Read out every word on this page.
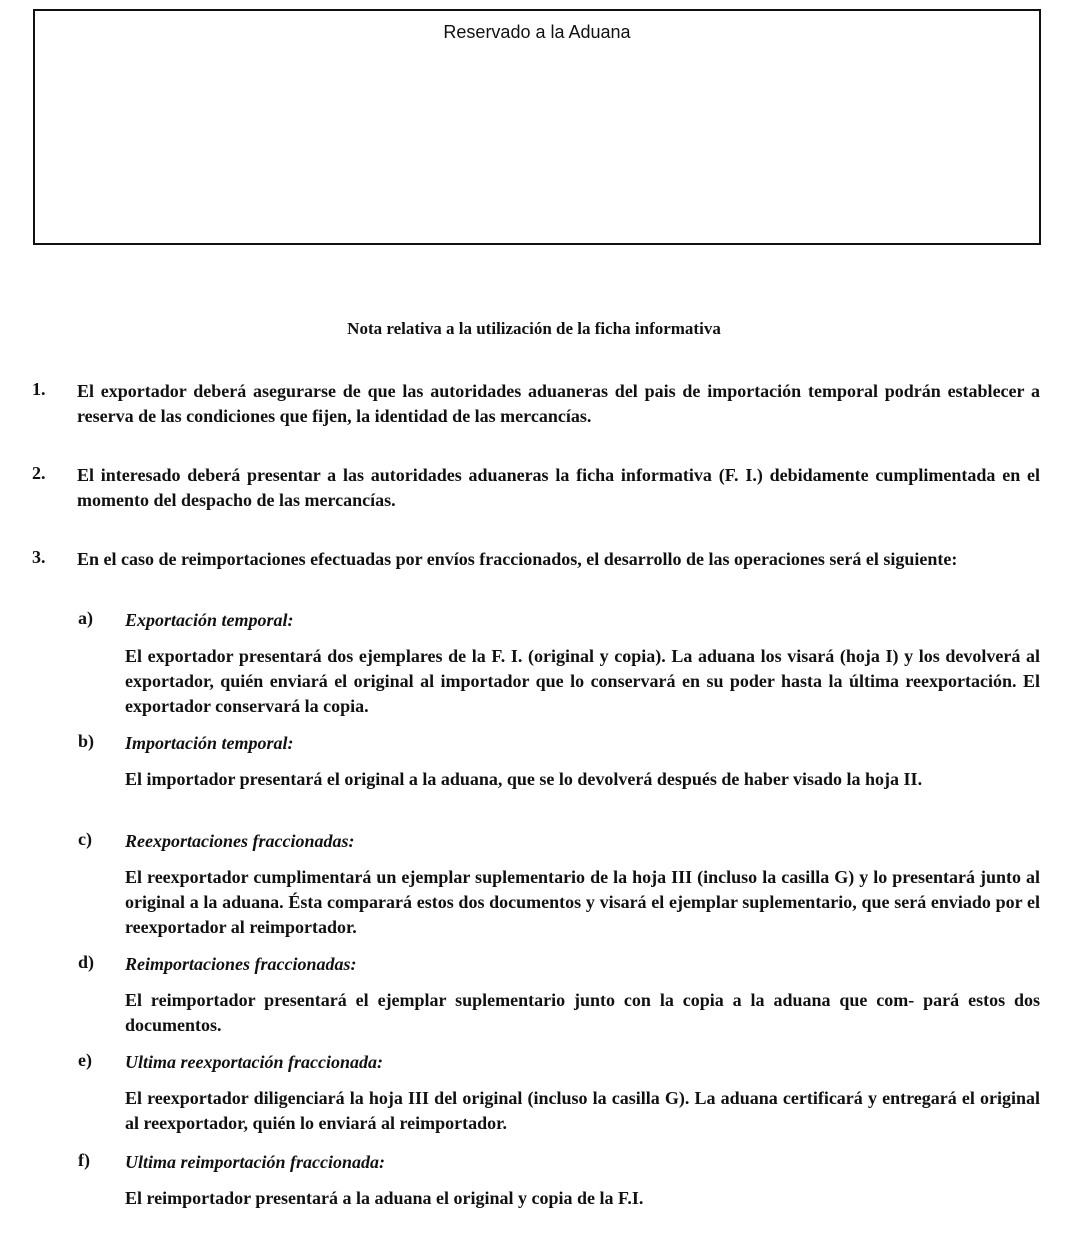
Reservado a la Aduana
Nota relativa a la utilización de la ficha informativa
1. El exportador deberá asegurarse de que las autoridades aduaneras del pais de importación temporal podrán establecer a reserva de las condiciones que fijen, la identidad de las mercancías.
2. El interesado deberá presentar a las autoridades aduaneras la ficha informativa (F. I.) debidamente cumplimentada en el momento del despacho de las mercancías.
3. En el caso de reimportaciones efectuadas por envíos fraccionados, el desarrollo de las operaciones será el siguiente:
a) Exportación temporal:
El exportador presentará dos ejemplares de la F. I. (original y copia). La aduana los visará (hoja I) y los devolverá al exportador, quién enviará el original al importador que lo conservará en su poder hasta la última reexportación. El exportador conservará la copia.
b) Importación temporal:
El importador presentará el original a la aduana, que se lo devolverá después de haber visado la hoja II.
c) Reexportaciones fraccionadas:
El reexportador cumplimentará un ejemplar suplementario de la hoja III (incluso la casilla G) y lo presentará junto al original a la aduana. Ésta comparará estos dos documentos y visará el ejemplar suplementario, que será enviado por el reexportador al reimportador.
d) Reimportaciones fraccionadas:
El reimportador presentará el ejemplar suplementario junto con la copia a la aduana que com- pará estos dos documentos.
e) Ultima reexportación fraccionada:
El reexportador diligenciará la hoja III del original (incluso la casilla G). La aduana certificará y entregará el original al reexportador, quién lo enviará al reimportador.
f) Ultima reimportación fraccionada:
El reimportador presentará a la aduana el original y copia de la F.I.
